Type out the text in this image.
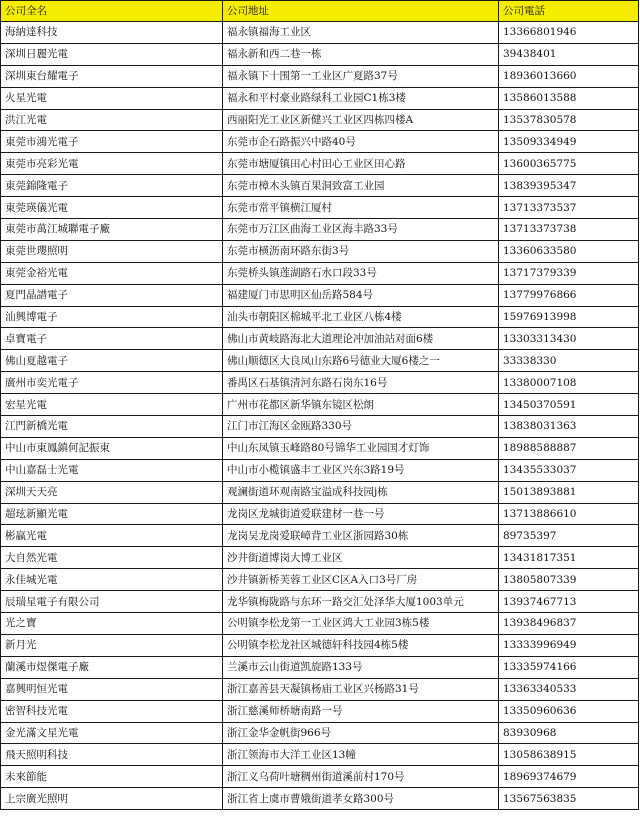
公司全名	公司地址	公司電話
海納達科技	福永镇福海工业区	13366801946
深圳日麗光電	福永新和西二巷一栋	39438401
深圳東台耀電子	福永镇下十围第一工业区广夏路37号	18936013660
火星光電	福永和平村豪业路绿科工业园C1栋3楼	13586013588
洪江光電	西丽阳光工业区新健兴工业区四栋四楼A	13537830578
東莞市鴻光電子	东莞市企石路振兴中路40号	13509334949
東莞市亮彩光電	东莞市塘厦镇田心村田心工业区田心路	13600365775
東莞錦隆電子	东莞市樟木头镇百果洞致富工业园	13839395347
東莞瑛儀光電	东莞市常平镇横江厦村	13713373537
東莞市萬江城聯電子廠	东莞市万江区曲海工业区海丰路33号	13713373738
東莞世瓔照明	东莞市横沥南环路东街3号	13360633580
東莞金裕光電	东莞桥头镇莲湖路石水口段33号	13717379339
夏門晶譜電子	福建厦门市思明区仙岳路584号	13779976866
汕興博電子	汕头市朝阳区棉城平北工业区八栋4楼	15976913998
卓寶電子	佛山市黄岐路海北大道理论冲加油站对面6楼	13303313430
佛山夏越電子	佛山顺德区大良凤山东路6号德业大厦6楼之一	33338330
廣州市奕光電子	番禺区石基镇清河东路石岗东16号	13380007108
宏星光電	广州市花都区新华镇东镜区松朗	13450370591
江門新橋光電	江门市江海区金瓯路330号	13838031363
中山市東鳳鎮何記振東	中山东凤镇玉峰路80号锦华工业园国才灯饰	18988588887
中山嘉磊士光電	中山市小榄镇盛丰工业区兴东3路19号	13435533037
深圳天天亮	观澜街道环观南路宝溢成科技园j栋	15013893881
超玹新顯光電	龙岗区龙城街道爱联建材一巷一号	13713886610
彬贏光電	龙岗吴龙岗爱联嶂背工业区浙园路30栋	89735397
大自然光電	沙井街道博岗大博工业区	13431817351
永佳城光電	沙井镇新桥芙蓉工业区C区A入口3号厂房	13805807339
辰瑞星電子有限公司	龙华镇梅陇路与东环一路交汇处泽华大厦1003单元	13937467713
光之寶	公明镇李松龙第一工业区鸿大工业园3栋5楼	13938496837
新月光	公明镇李松龙社区城德轩科技园4栋5楼	13333996949
蘭溪市煜傑電子廠	兰溪市云山街道凯旋路133号	13335974166
嘉興明恒光電	浙江嘉善县天凝镇杨庙工业区兴杨路31号	13363340533
密智科技光電	浙江慈溪师桥塘南路一号	13350960636
金光滿文星光電	浙江金华金帆街966号	83930968
飛天照明科技	浙江领海市大洋工业区13幢	13058638915
未來節能	浙江义乌荷叶塘稠州街道溪前村170号	18969374679
上宗廣光照明	浙江省上虞市曹娥街道孝女路300号	13567563835
